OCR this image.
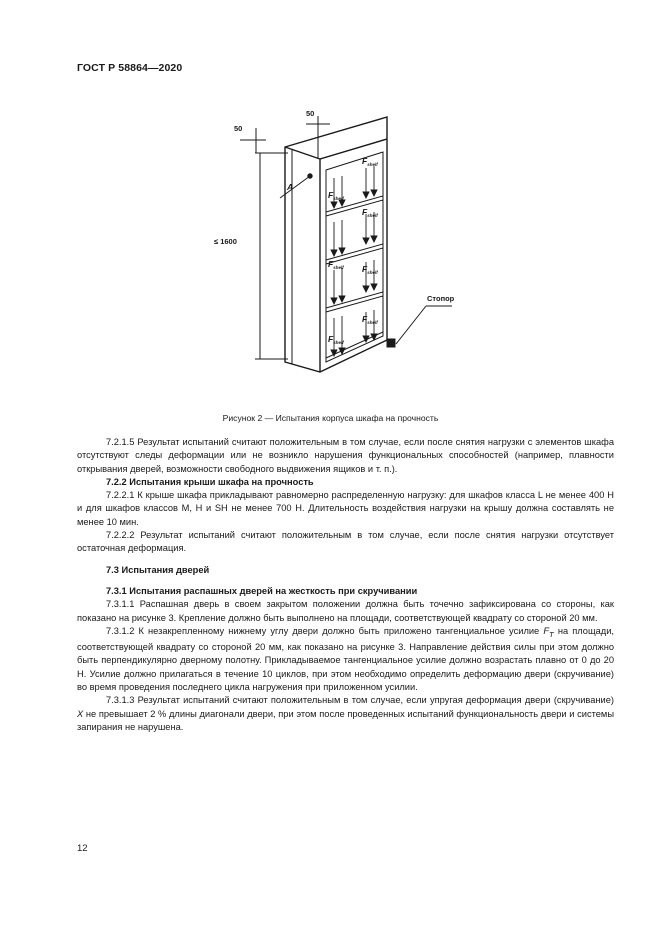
ГОСТ Р 58864—2020
$F_{shelf}$
$F_{shelf}$
$F_{shelf}$
$F_{shelf}$ $F_{shelf}$
$F_{shelf}$
$F_{shelf}$
50
50
≤ 1600
A
Стопор
Рисунок 2 — Испытания корпуса шкафа на прочность

7.2.1.5 Результат испытаний считают положительным в том случае, если после снятия нагрузки с элементов шкафа отсутствуют следы деформации или не возникло нарушения функциональных способностей (например, плавности открывания дверей, возможности свободного выдвижения ящиков и т. п.).

7.2.2 Испытания крыши шкафа на прочность

7.2.2.1 К крыше шкафа прикладывают равномерно распределенную нагрузку: для шкафов класса L не менее 400 Н и для шкафов классов M, H и SH не менее 700 Н. Длительность воздействия нагрузки на крышу должна составлять не менее 10 мин.

7.2.2.2 Результат испытаний считают положительным в том случае, если после снятия нагрузки отсутствует остаточная деформация.

7.3 Испытания дверей
7.3.1 Испытания распашных дверей на жесткость при скручивании

7.3.1.1 Распашная дверь в своем закрытом положении должна быть точечно зафиксирована со стороны, как показано на рисунке 3. Крепление должно быть выполнено на площади, соответствующей квадрату со стороной 20 мм.

7.3.1.2 К незакрепленному нижнему углу двери должно быть приложено тангенциальное усилие $F_T$ на площади, соответствующей квадрату со стороной 20 мм, как показано на рисунке 3. Направление действия силы при этом должно быть перпендикулярно дверному полотну. Прикладываемое тангенциальное усилие должно возрастать плавно от 0 до 20 Н. Усилие должно прилагаться в течение 10 циклов, при этом необходимо определить деформацию двери (скручивание) во время проведения последнего цикла нагружения при приложенном усилии.

7.3.1.3 Результат испытаний считают положительным в том случае, если упругая деформация двери (скручивание) X не превышает 2 % длины диагонали двери, при этом после проведенных испытаний функциональность двери и системы запирания не нарушена.

12
